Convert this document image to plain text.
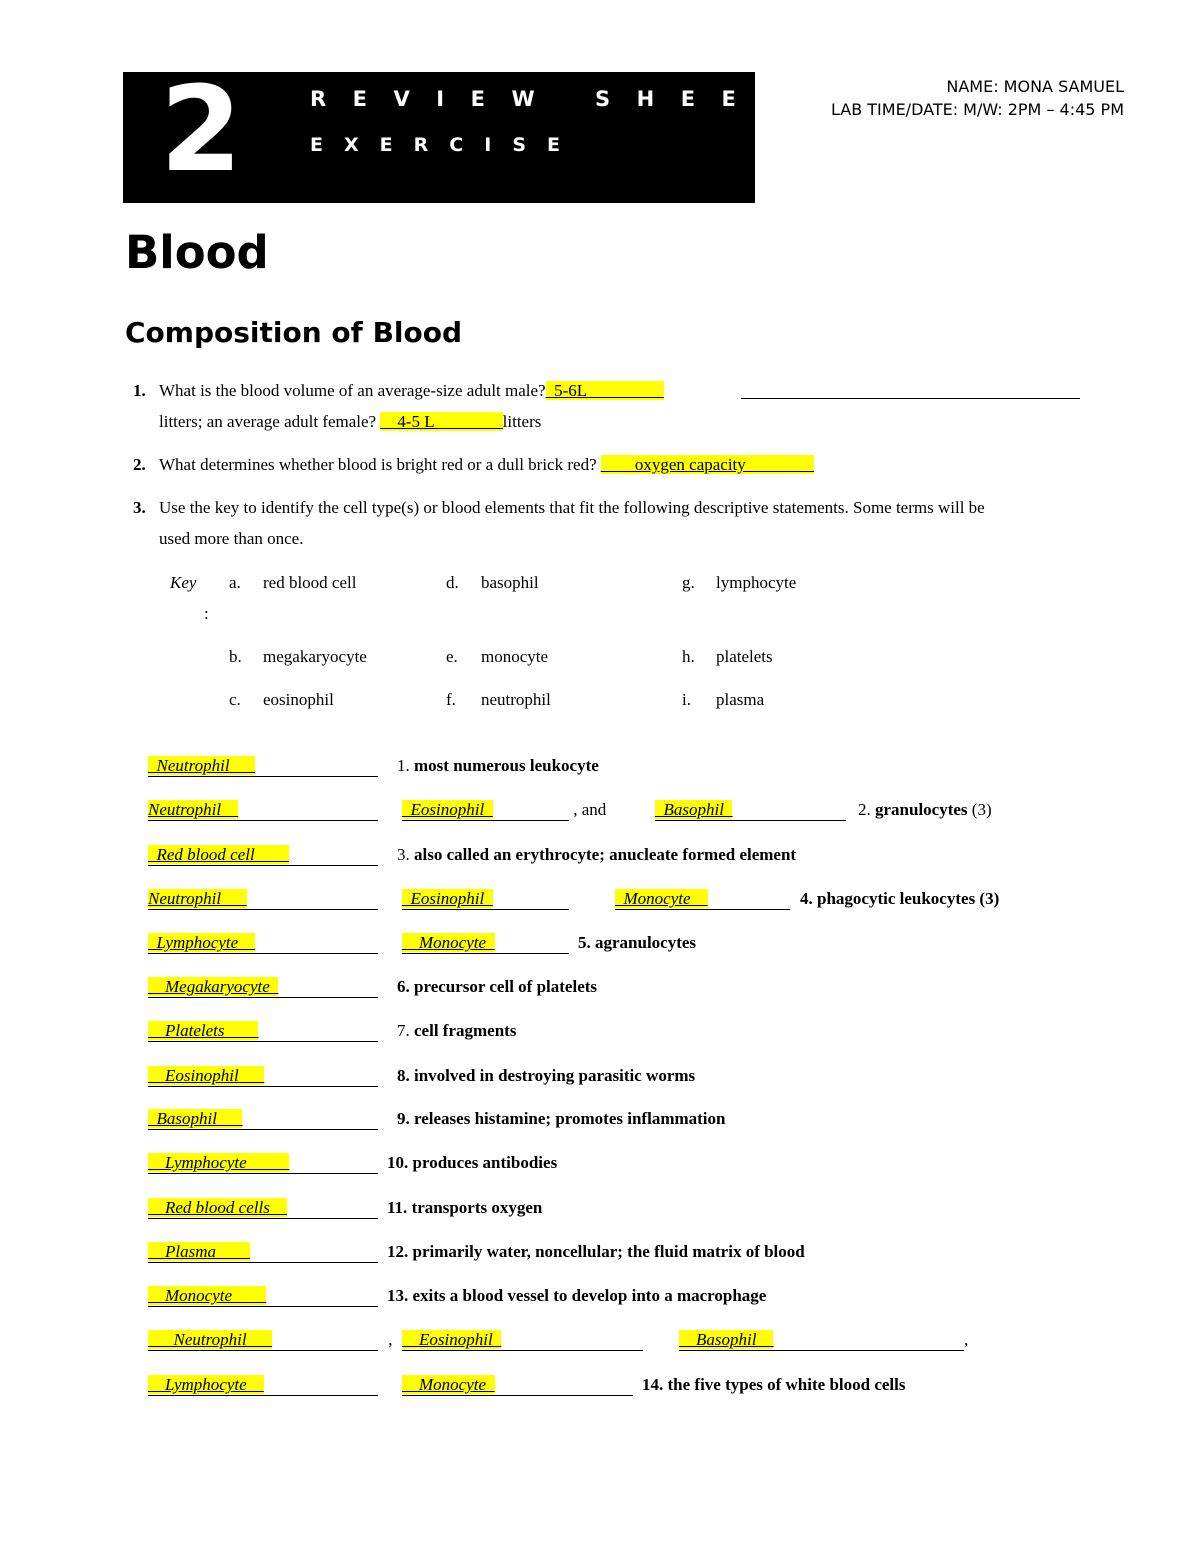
2	R E V I E W   S H E E T
E X E R C I S E
NAME: MONA SAMUEL
LAB TIME/DATE: M/W: 2PM – 4:45 PM
Blood
Composition of Blood
1. What is the blood volume of an average-size adult male?_5-6L_________
litters; an average adult female? __4-5 L________litters
2. What determines whether blood is bright red or a dull brick red? ____oxygen capacity________
3. Use the key to identify the cell type(s) or blood elements that fit the following descriptive statements. Some terms will be
used more than once.
Key
:
a. red blood cell	d. basophil	g. lymphocyte
b. megakaryocyte	e. monocyte	h. platelets
c. eosinophil	f. neutrophil	i. plasma
_Neutrophil___	1. most numerous leukocyte
Neutrophil__	_Eosinophil_	, and	_Basophil_	2. granulocytes (3)
_Red blood cell____	3. also called an erythrocyte; anucleate formed element
Neutrophil___	_Eosinophil_	_Monocyte__	4. phagocytic leukocytes (3)
_Lymphocyte__	__Monocyte_	5. agranulocytes
__Megakaryocyte_	6. precursor cell of platelets
__Platelets____	7. cell fragments
__Eosinophil___	8. involved in destroying parasitic worms
_Basophil___	9. releases histamine; promotes inflammation
__Lymphocyte_____	10. produces antibodies
__Red blood cells__	11. transports oxygen
__Plasma____	12. primarily water, noncellular; the fluid matrix of blood
__Monocyte____	13. exits a blood vessel to develop into a macrophage
___Neutrophil___	, __Eosinophil_	__Basophil__	,
__Lymphocyte__	__Monocyte_	14. the five types of white blood cells
